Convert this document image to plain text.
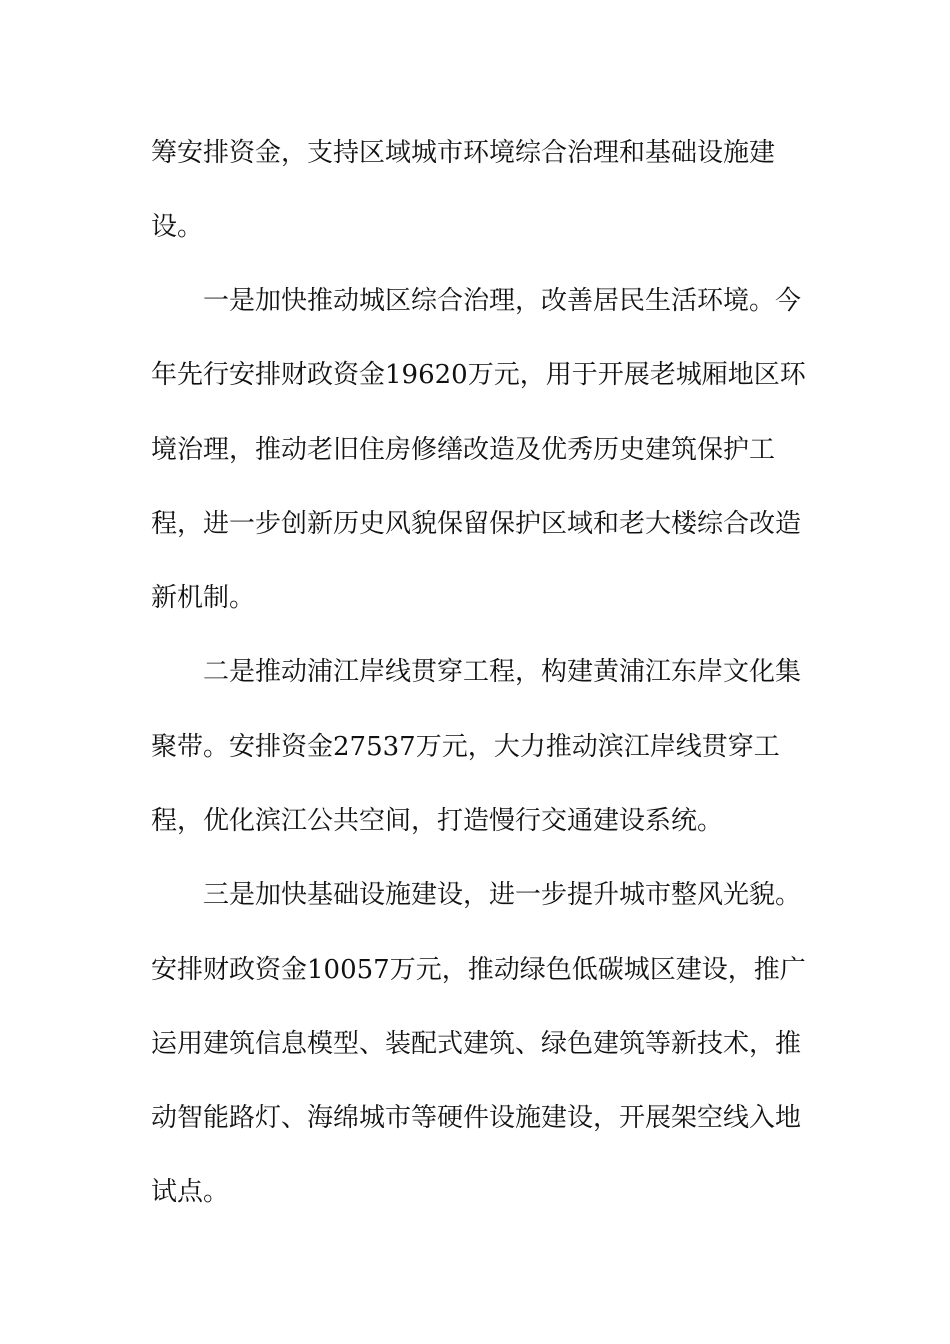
筹安排资金，支持区域城市环境综合治理和基础设施建
设。
一是加快推动城区综合治理，改善居民生活环境。今
年先行安排财政资金19620万元，用于开展老城厢地区环
境治理，推动老旧住房修缮改造及优秀历史建筑保护工
程，进一步创新历史风貌保留保护区域和老大楼综合改造
新机制。
二是推动浦江岸线贯穿工程，构建黄浦江东岸文化集
聚带。安排资金27537万元，大力推动滨江岸线贯穿工
程，优化滨江公共空间，打造慢行交通建设系统。
三是加快基础设施建设，进一步提升城市整风光貌。
安排财政资金10057万元，推动绿色低碳城区建设，推广
运用建筑信息模型、装配式建筑、绿色建筑等新技术，推
动智能路灯、海绵城市等硬件设施建设，开展架空线入地
试点。
